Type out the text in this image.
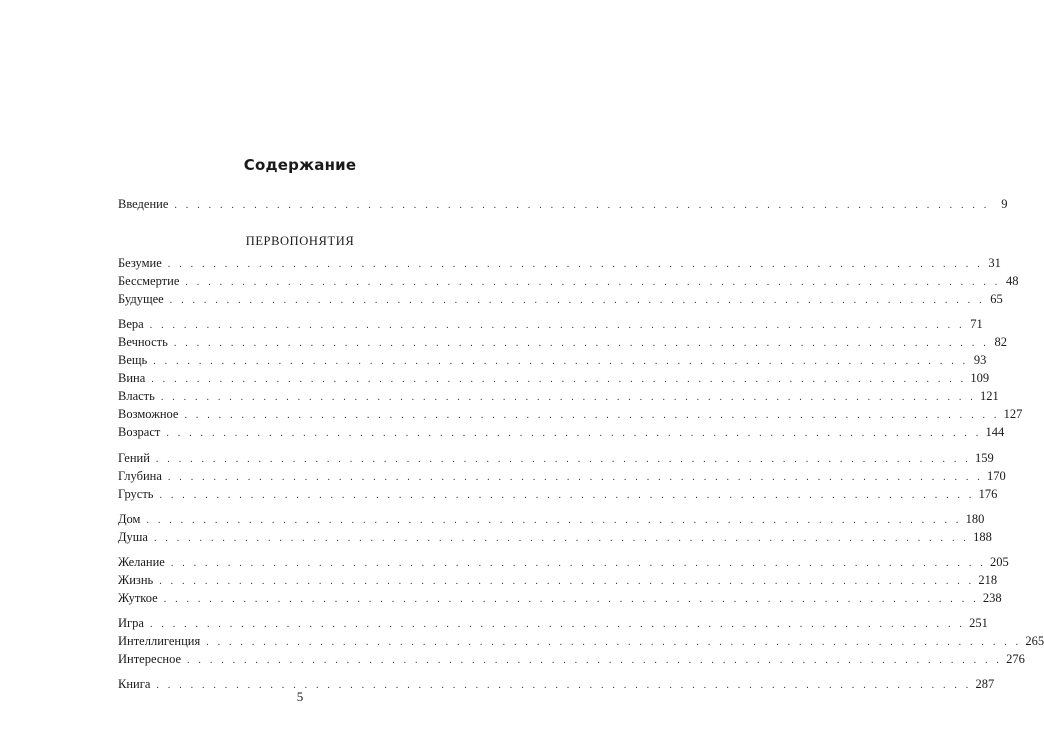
Содержание
Введение . . . . . . . . . . . . . . . . . . . . . . . . . . . . . . . . . . . . . . . . . . . . . . . . . . . . . . . . . . . . . . . . . . . . . . . . 9
ПЕРВОПОНЯТИЯ
Безумие . . . . . . . . . . . . . . . . . . . . . . . . . . . . . . . . . . . . . . . . . . . . . . . . . . . . . . . . . . . . . . . . . . . . . . . . 31
Бессмертие . . . . . . . . . . . . . . . . . . . . . . . . . . . . . . . . . . . . . . . . . . . . . . . . . . . . . . . . . . . . . . . . . . . . . . . . 48
Будущее . . . . . . . . . . . . . . . . . . . . . . . . . . . . . . . . . . . . . . . . . . . . . . . . . . . . . . . . . . . . . . . . . . . . . . . . 65
Вера . . . . . . . . . . . . . . . . . . . . . . . . . . . . . . . . . . . . . . . . . . . . . . . . . . . . . . . . . . . . . . . . . . . . . . . . 71
Вечность . . . . . . . . . . . . . . . . . . . . . . . . . . . . . . . . . . . . . . . . . . . . . . . . . . . . . . . . . . . . . . . . . . . . . . . . 82
Вещь . . . . . . . . . . . . . . . . . . . . . . . . . . . . . . . . . . . . . . . . . . . . . . . . . . . . . . . . . . . . . . . . . . . . . . . . 93
Вина . . . . . . . . . . . . . . . . . . . . . . . . . . . . . . . . . . . . . . . . . . . . . . . . . . . . . . . . . . . . . . . . . . . . . . . . 109
Власть . . . . . . . . . . . . . . . . . . . . . . . . . . . . . . . . . . . . . . . . . . . . . . . . . . . . . . . . . . . . . . . . . . . . . . . . 121
Возможное . . . . . . . . . . . . . . . . . . . . . . . . . . . . . . . . . . . . . . . . . . . . . . . . . . . . . . . . . . . . . . . . . . . . . . . . 127
Возраст . . . . . . . . . . . . . . . . . . . . . . . . . . . . . . . . . . . . . . . . . . . . . . . . . . . . . . . . . . . . . . . . . . . . . . . . 144
Гений . . . . . . . . . . . . . . . . . . . . . . . . . . . . . . . . . . . . . . . . . . . . . . . . . . . . . . . . . . . . . . . . . . . . . . . . 159
Глубина . . . . . . . . . . . . . . . . . . . . . . . . . . . . . . . . . . . . . . . . . . . . . . . . . . . . . . . . . . . . . . . . . . . . . . . . 170
Грусть . . . . . . . . . . . . . . . . . . . . . . . . . . . . . . . . . . . . . . . . . . . . . . . . . . . . . . . . . . . . . . . . . . . . . . . . 176
Дом . . . . . . . . . . . . . . . . . . . . . . . . . . . . . . . . . . . . . . . . . . . . . . . . . . . . . . . . . . . . . . . . . . . . . . . . 180
Душа . . . . . . . . . . . . . . . . . . . . . . . . . . . . . . . . . . . . . . . . . . . . . . . . . . . . . . . . . . . . . . . . . . . . . . . . 188
Желание . . . . . . . . . . . . . . . . . . . . . . . . . . . . . . . . . . . . . . . . . . . . . . . . . . . . . . . . . . . . . . . . . . . . . . . . 205
Жизнь . . . . . . . . . . . . . . . . . . . . . . . . . . . . . . . . . . . . . . . . . . . . . . . . . . . . . . . . . . . . . . . . . . . . . . . . 218
Жуткое . . . . . . . . . . . . . . . . . . . . . . . . . . . . . . . . . . . . . . . . . . . . . . . . . . . . . . . . . . . . . . . . . . . . . . . . 238
Игра . . . . . . . . . . . . . . . . . . . . . . . . . . . . . . . . . . . . . . . . . . . . . . . . . . . . . . . . . . . . . . . . . . . . . . . . 251
Интеллигенция . . . . . . . . . . . . . . . . . . . . . . . . . . . . . . . . . . . . . . . . . . . . . . . . . . . . . . . . . . . . . . . . . . . . . . . . 265
Интересное . . . . . . . . . . . . . . . . . . . . . . . . . . . . . . . . . . . . . . . . . . . . . . . . . . . . . . . . . . . . . . . . . . . . . . . . 276
Книга . . . . . . . . . . . . . . . . . . . . . . . . . . . . . . . . . . . . . . . . . . . . . . . . . . . . . . . . . . . . . . . . . . . . . . . . 287
5
